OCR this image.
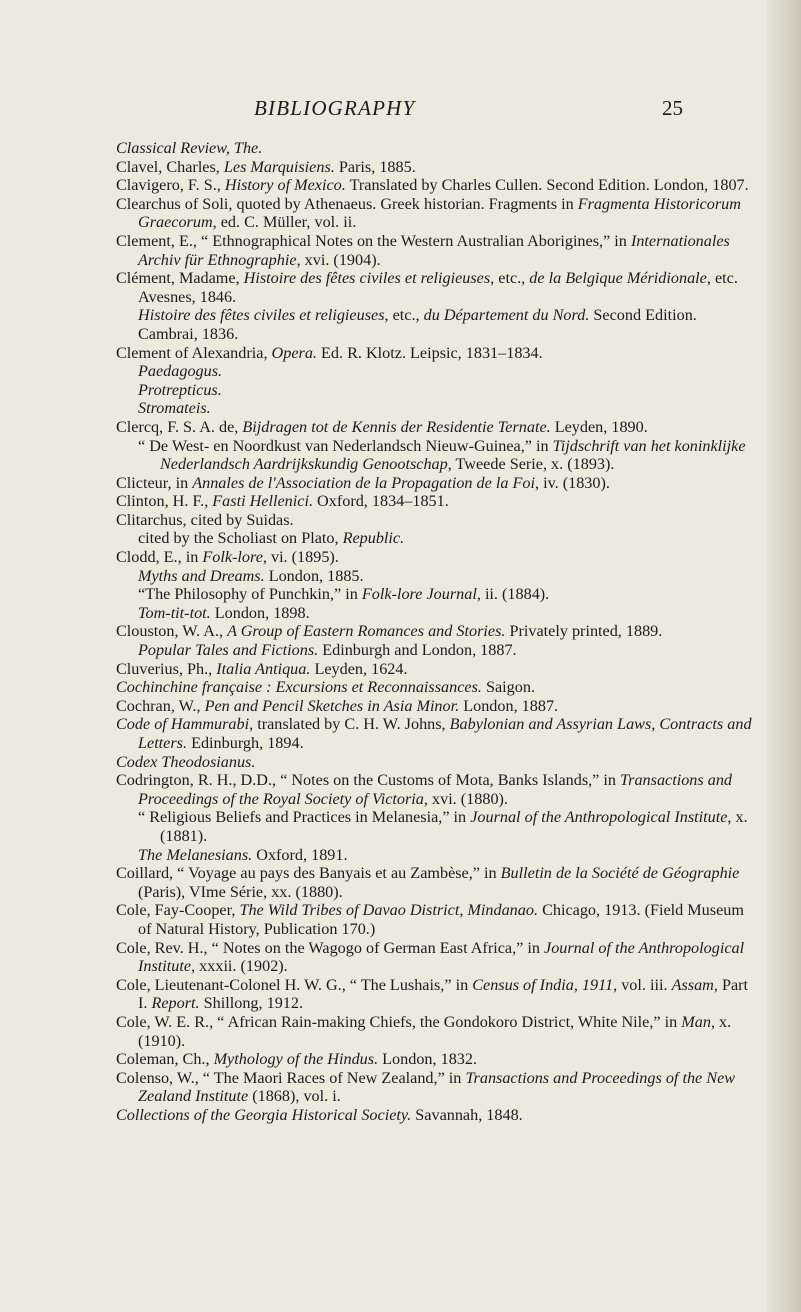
BIBLIOGRAPHY	25

Classical Review, The.

Clavel, Charles, Les Marquisiens. Paris, 1885.

Clavigero, F. S., History of Mexico. Translated by Charles Cullen. Second Edition. London, 1807.

Clearchus of Soli, quoted by Athenaeus. Greek historian. Fragments in Fragmenta Historicorum Graecorum, ed. C. Müller, vol. ii.

Clement, E., “ Ethnographical Notes on the Western Australian Aborigines,” in Internationales Archiv für Ethnographie, xvi. (1904).

Clément, Madame, Histoire des fêtes civiles et religieuses, etc., de la Belgique Méridionale, etc. Avesnes, 1846.

Histoire des fêtes civiles et religieuses, etc., du Département du Nord. Second Edition. Cambrai, 1836.

Clement of Alexandria, Opera. Ed. R. Klotz. Leipsic, 1831–1834.

Paedagogus.

Protrepticus.

Stromateis.

Clercq, F. S. A. de, Bijdragen tot de Kennis der Residentie Ternate. Leyden, 1890.

“ De West- en Noordkust van Nederlandsch Nieuw-Guinea,” in Tijdschrift van het koninklijke Nederlandsch Aardrijkskundig Genootschap, Tweede Serie, x. (1893).

Clicteur, in Annales de l'Association de la Propagation de la Foi, iv. (1830).

Clinton, H. F., Fasti Hellenici. Oxford, 1834–1851.

Clitarchus, cited by Suidas.

cited by the Scholiast on Plato, Republic.

Clodd, E., in Folk-lore, vi. (1895).

Myths and Dreams. London, 1885.

“The Philosophy of Punchkin,” in Folk-lore Journal, ii. (1884).

Tom-tit-tot. London, 1898.

Clouston, W. A., A Group of Eastern Romances and Stories. Privately printed, 1889.

Popular Tales and Fictions. Edinburgh and London, 1887.

Cluverius, Ph., Italia Antiqua. Leyden, 1624.

Cochinchine française : Excursions et Reconnaissances. Saigon.

Cochran, W., Pen and Pencil Sketches in Asia Minor. London, 1887.

Code of Hammurabi, translated by C. H. W. Johns, Babylonian and Assyrian Laws, Contracts and Letters. Edinburgh, 1894.

Codex Theodosianus.

Codrington, R. H., D.D., “ Notes on the Customs of Mota, Banks Islands,” in Transactions and Proceedings of the Royal Society of Victoria, xvi. (1880).

“ Religious Beliefs and Practices in Melanesia,” in Journal of the Anthropological Institute, x. (1881).

The Melanesians. Oxford, 1891.

Coillard, “ Voyage au pays des Banyais et au Zambèse,” in Bulletin de la Société de Géographie (Paris), VIme Série, xx. (1880).

Cole, Fay-Cooper, The Wild Tribes of Davao District, Mindanao. Chicago, 1913. (Field Museum of Natural History, Publication 170.)

Cole, Rev. H., “ Notes on the Wagogo of German East Africa,” in Journal of the Anthropological Institute, xxxii. (1902).

Cole, Lieutenant-Colonel H. W. G., “ The Lushais,” in Census of India, 1911, vol. iii. Assam, Part I. Report. Shillong, 1912.

Cole, W. E. R., “ African Rain-making Chiefs, the Gondokoro District, White Nile,” in Man, x. (1910).

Coleman, Ch., Mythology of the Hindus. London, 1832.

Colenso, W., “ The Maori Races of New Zealand,” in Transactions and Proceedings of the New Zealand Institute (1868), vol. i.

Collections of the Georgia Historical Society. Savannah, 1848.
